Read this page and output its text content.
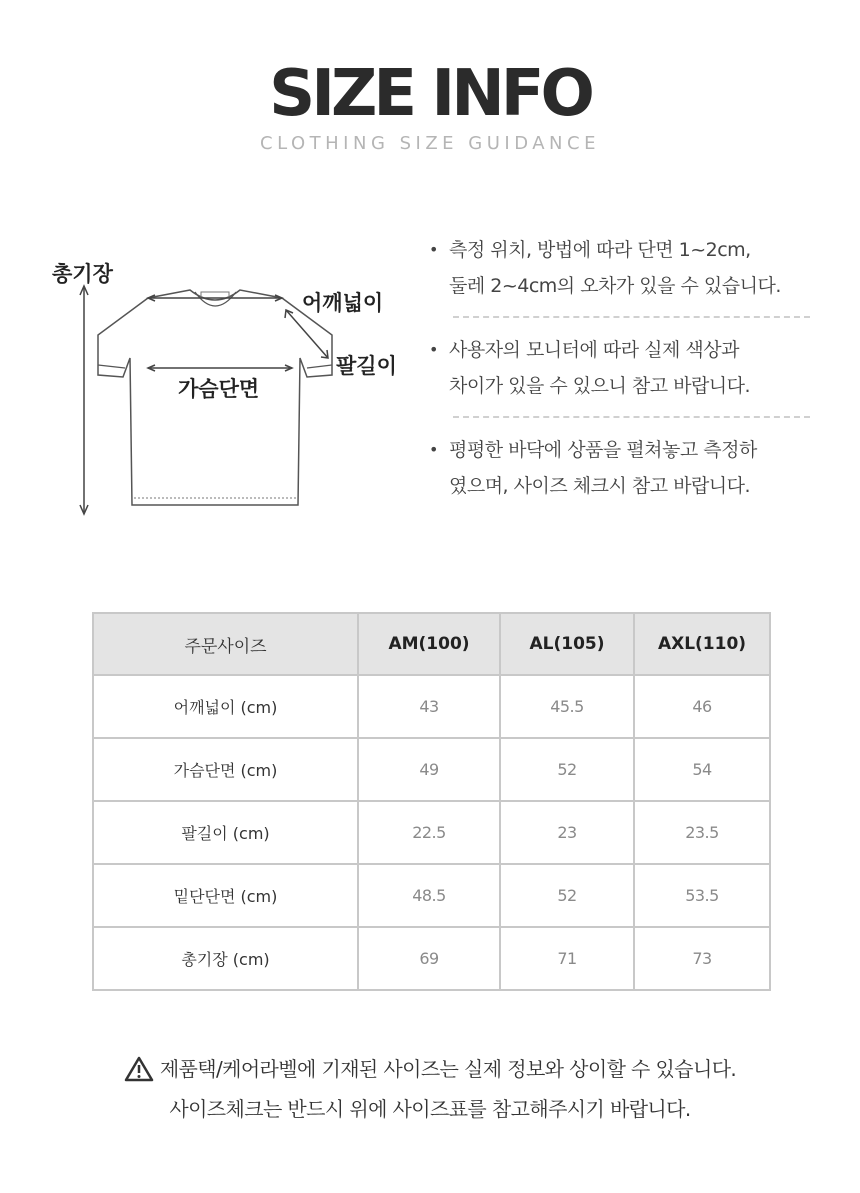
SIZE INFO
CLOTHING SIZE GUIDANCE
총기장
어깨넓이
팔길이
가슴단면
• 측정 위치, 방법에 따라 단면 1~2cm,
둘레 2~4cm의 오차가 있을 수 있습니다.
• 사용자의 모니터에 따라 실제 색상과
차이가 있을 수 있으니 참고 바랍니다.
• 평평한 바닥에 상품을 펼쳐놓고 측정하
였으며, 사이즈 체크시 참고 바랍니다.
주문사이즈	AM(100)	AL(105)	AXL(110)
어깨넓이 (cm)	43	45.5	46
가슴단면 (cm)	49	52	54
팔길이 (cm)	22.5	23	23.5
밑단단면 (cm)	48.5	52	53.5
총기장 (cm)	69	71	73
제품택/케어라벨에 기재된 사이즈는 실제 정보와 상이할 수 있습니다.
사이즈체크는 반드시 위에 사이즈표를 참고해주시기 바랍니다.
